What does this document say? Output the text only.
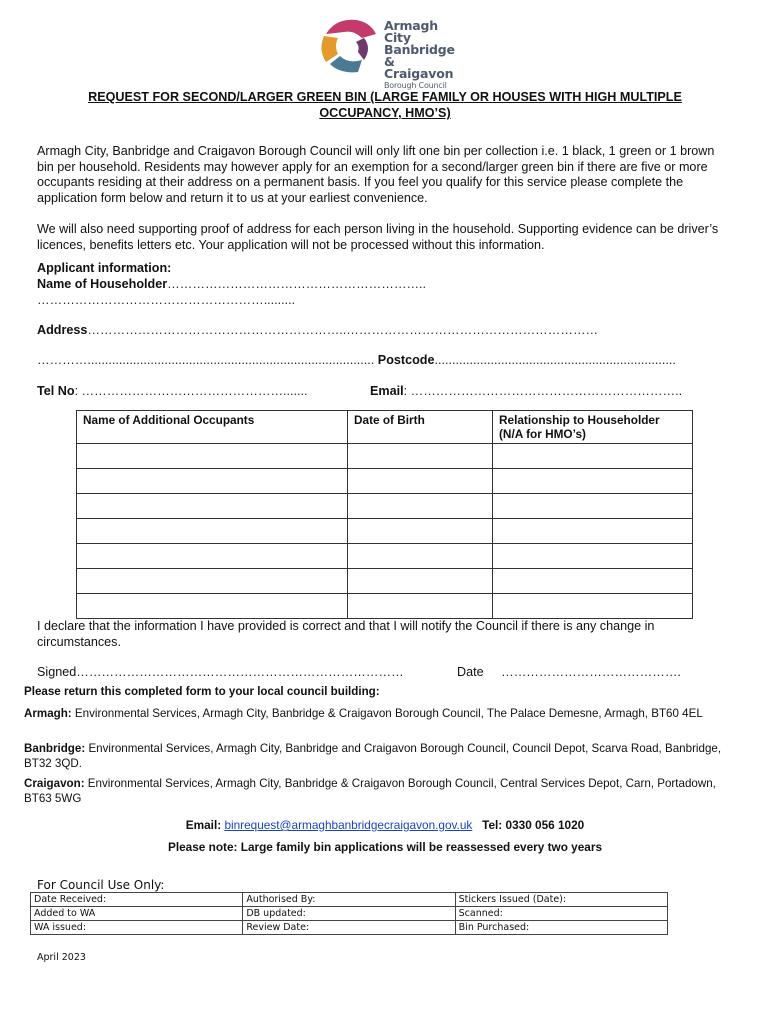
Armagh City
Banbridge
& Craigavon
Borough Council
REQUEST FOR SECOND/LARGER GREEN BIN (LARGE FAMILY OR HOUSES WITH HIGH MULTIPLE
OCCUPANCY, HMO’S)
Armagh City, Banbridge and Craigavon Borough Council will only lift one bin per collection i.e. 1 black, 1 green or 1 brown bin per household. Residents may however apply for an exemption for a second/larger green bin if there are five or more occupants residing at their address on a permanent basis. If you feel you qualify for this service please complete the application form below and return it to us at your earliest convenience.
We will also need supporting proof of address for each person living in the household. Supporting evidence can be driver’s licences, benefits letters etc. Your application will not be processed without this information.
Applicant information:
Name of Householder……………………………………………………..
……………………………………………….........
Address……………………………………………………..……………………………………………………
………….................................................................................. Postcode.....................................................................
Tel No: ………………………………………….......	Email: ………………………………………………………..
Name of Additional Occupants	Date of Birth	Relationship to Householder (N/A for HMO’s)

I declare that the information I have provided is correct and that I will notify the Council if there is any change in circumstances.
Signed……………………………………………………………………	Date …………………………………….
Please return this completed form to your local council building:
Armagh: Environmental Services, Armagh City, Banbridge & Craigavon Borough Council, The Palace Demesne, Armagh, BT60 4EL
Banbridge: Environmental Services, Armagh City, Banbridge and Craigavon Borough Council, Council Depot, Scarva Road, Banbridge, BT32 3QD.
Craigavon: Environmental Services, Armagh City, Banbridge & Craigavon Borough Council, Central Services Depot, Carn, Portadown, BT63 5WG
Email: binrequest@armaghbanbridgecraigavon.gov.uk Tel: 0330 056 1020
Please note: Large family bin applications will be reassessed every two years
For Council Use Only:
Date Received:	Authorised By:	Stickers Issued (Date):
Added to WA	DB updated:	Scanned:
WA issued:	Review Date:	Bin Purchased:
April 2023
